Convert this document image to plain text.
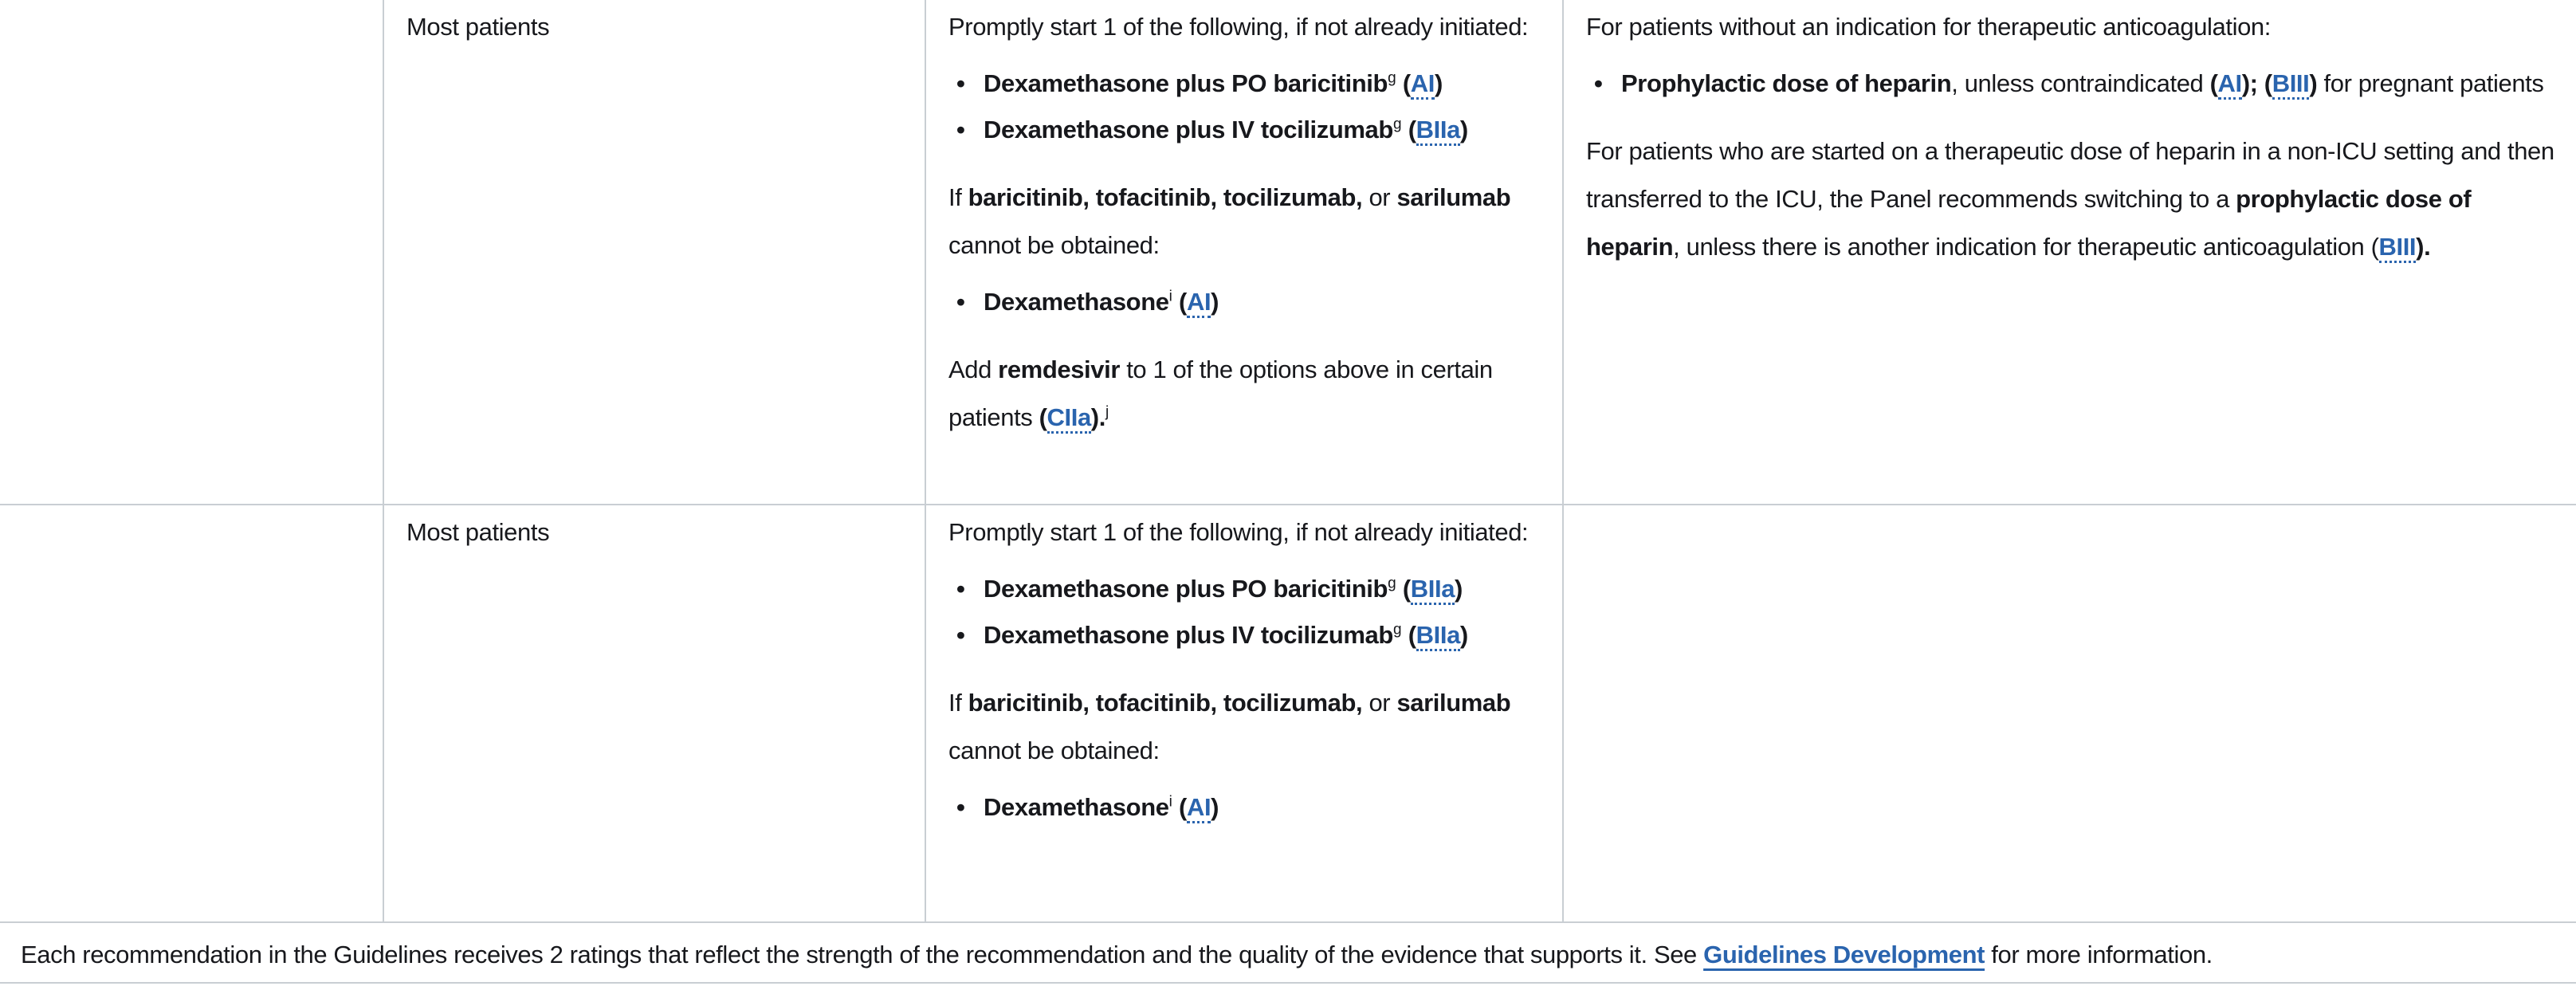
Hospitalized and Requires HFNC Oxygen or NIV

Most patients	Promptly start 1 of the following, if not already initiated:

• Dexamethasone plus PO baricitinib$^g$ (AI)
• Dexamethasone plus IV tocilizumab$^g$ (BIIa)

If baricitinib, tofacitinib, tocilizumab, or sarilumab cannot be obtained:

• Dexamethasone$^i$ (AI)

Add remdesivir to 1 of the options above in certain patients (CIIa).$^j$

For patients without an indication for therapeutic anticoagulation:

• Prophylactic dose of heparin, unless contraindicated (AI); (BIII) for pregnant patients

For patients who are started on a therapeutic dose of heparin in a non-ICU setting and then transferred to the ICU, the Panel recommends switching to a prophylactic dose of heparin, unless there is another indication for therapeutic anticoagulation (BIII).

Hospitalized and Requires MV or ECMO

Most patients	Promptly start 1 of the following, if not already initiated:

• Dexamethasone plus PO baricitinib$^g$ (BIIa)
• Dexamethasone plus IV tocilizumab$^g$ (BIIa)

If baricitinib, tofacitinib, tocilizumab, or sarilumab cannot be obtained:

• Dexamethasone$^i$ (AI)
Each recommendation in the Guidelines receives 2 ratings that reflect the strength of the recommendation and the quality of the evidence that supports it. See Guidelines Development for more information.
